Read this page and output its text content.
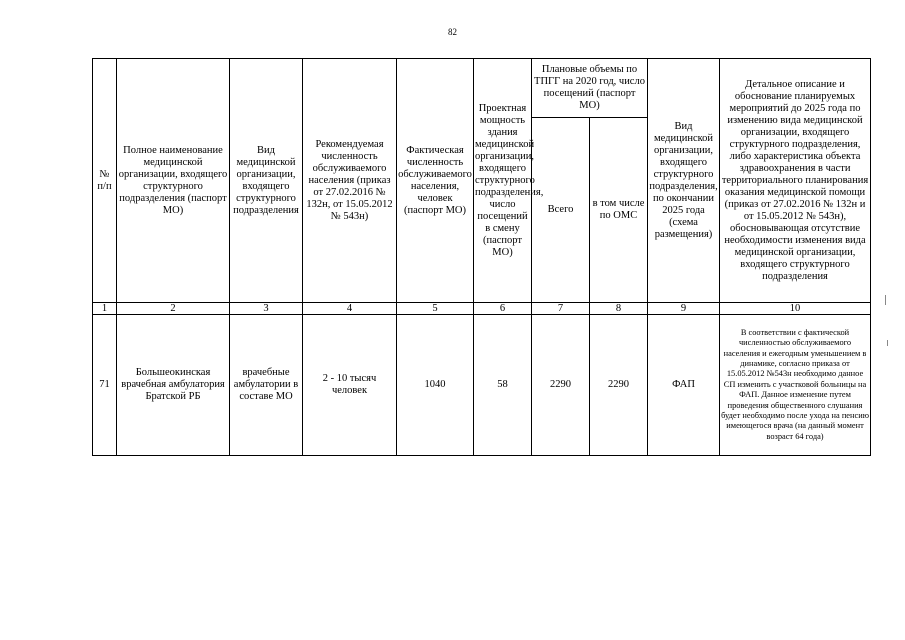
82
№ п/п	Полное наименование медицинской организации, входящего структурного подразделения (паспорт МО)	Вид медицинской организации, входящего структурного подразделения	Рекомендуемая численность обслуживаемого населения (приказ от 27.02.2016 № 132н, от 15.05.2012 № 543н)	Фактическая численность обслуживаемого населения, человек (паспорт МО)	Проектная мощность здания медицинской организации, входящего структурного подразделения, число посещений в смену (паспорт МО)	Плановые объемы по ТПГГ на 2020 год, число посещений (паспорт МО)		Вид медицинской организации, входящего структурного подразделения, по окончании 2025 года (схема размещения)	Детальное описание и обоснование планируемых мероприятий до 2025 года по изменению вида медицинской организации, входящего структурного подразделения, либо характеристика объекта здравоохранения в части территориального планирования оказания медицинской помощи (приказ от 27.02.2016 № 132н и от 15.05.2012 № 543н), обосновывающая отсутствие необходимости изменения вида медицинской организации, входящего структурного подразделения
						Всего	в том числе по ОМС		
1	2	3	4	5	6	7	8	9	10
71	Большеокинская врачебная амбулатория Братской РБ	врачебные амбулатории в составе МО	2 - 10 тысяч человек	1040	58	2290	2290	ФАП	В соответствии с фактической численностью обслуживаемого населения и ежегодным уменьшением в динамике, согласно приказа от 15.05.2012 №543н необходимо данное СП изменить с участковой больницы на ФАП. Данное изменение путем проведения общественного слушания будет необходимо после ухода на пенсию имеющегося врача (на данный момент возраст 64 года)
